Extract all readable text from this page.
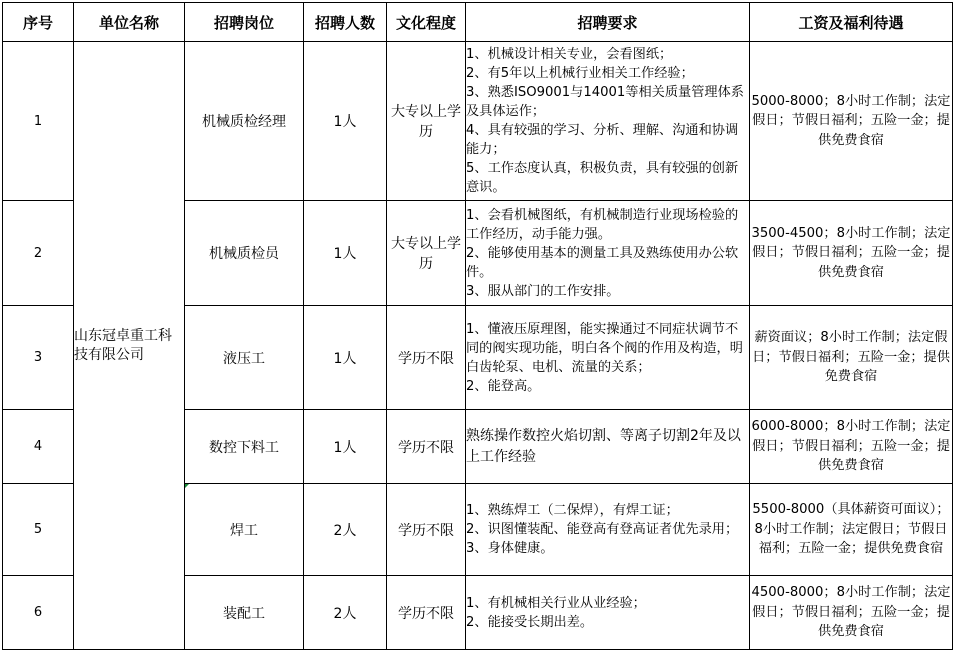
序号	单位名称	招聘岗位	招聘人数	文化程度	招聘要求	工资及福利待遇
1	山东冠卓重工科技有限公司	机械质检经理	1人	大专以上学历	1、机械设计相关专业，会看图纸；
2、有5年以上机械行业相关工作经验；
3、熟悉ISO9001与14001等相关质量管理体系及具体运作；
4、具有较强的学习、分析、理解、沟通和协调能力；
5、工作态度认真，积极负责，具有较强的创新意识。	5000-8000；8小时工作制；法定假日；节假日福利；五险一金；提供免费食宿
2		机械质检员	1人	大专以上学历	1、会看机械图纸，有机械制造行业现场检验的工作经历，动手能力强。
2、能够使用基本的测量工具及熟练使用办公软件。
3、服从部门的工作安排。	3500-4500；8小时工作制；法定假日；节假日福利；五险一金；提供免费食宿
3		液压工	1人	学历不限	1、懂液压原理图，能实操通过不同症状调节不同的阀实现功能，明白各个阀的作用及构造，明白齿轮泵、电机、流量的关系；
2、能登高。	薪资面议；8小时工作制；法定假日；节假日福利；五险一金；提供免费食宿
4		数控下料工	1人	学历不限	熟练操作数控火焰切割、等离子切割2年及以上工作经验	6000-8000；8小时工作制；法定假日；节假日福利；五险一金；提供免费食宿
5		焊工	2人	学历不限	1、熟练焊工（二保焊），有焊工证；
2、识图懂装配、能登高有登高证者优先录用；
3、身体健康。	5500-8000（具体薪资可面议）；8小时工作制；法定假日；节假日福利；五险一金；提供免费食宿
6		装配工	2人	学历不限	1、有机械相关行业从业经验；
2、能接受长期出差。	4500-8000；8小时工作制；法定假日；节假日福利；五险一金；提供免费食宿
